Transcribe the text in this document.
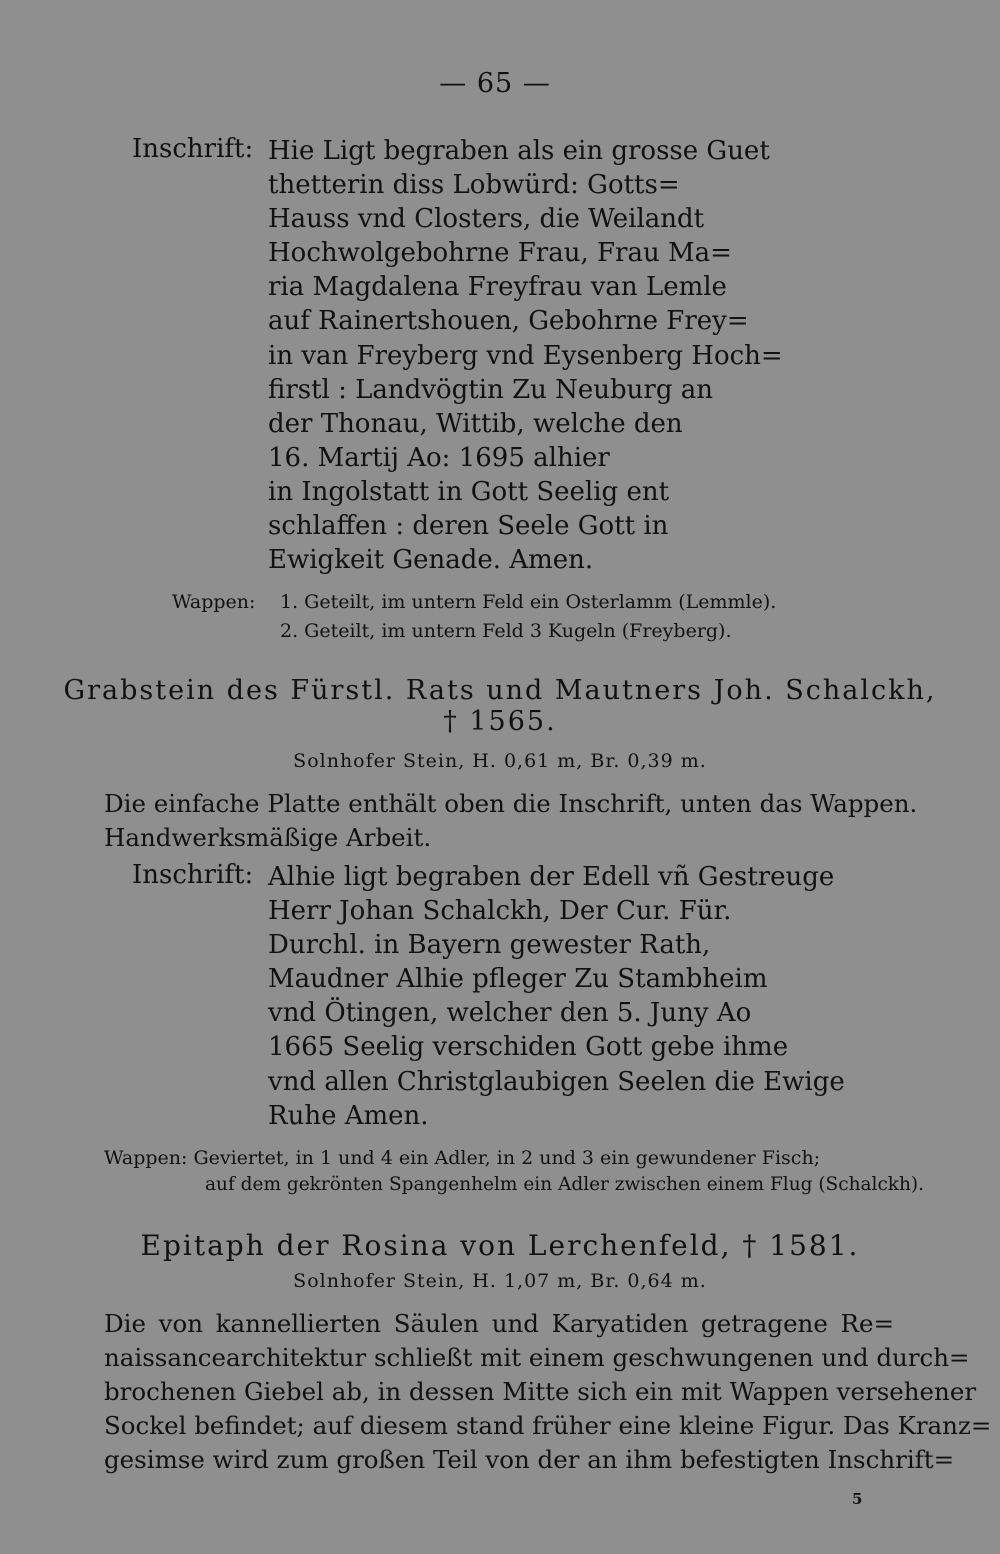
— 65 —
Inschrift: Hie Ligt begraben als ein grosse Guet
thetterin diss Lobwürd: Gotts=
Hauss vnd Closters, die Weilandt
Hochwolgebohrne Frau, Frau Ma=
ria Magdalena Freyfrau van Lemle
auf Rainertshouen, Gebohrne Frey=
in van Freyberg vnd Eysenberg Hoch=
firstl : Landvögtin Zu Neuburg an
der Thonau, Wittib, welche den
16. Martij Ao: 1695 alhier
in Ingolstatt in Gott Seelig ent
schlaffen : deren Seele Gott in
Ewigkeit Genade. Amen.
Wappen: 1. Geteilt, im untern Feld ein Osterlamm (Lemmle).
2. Geteilt, im untern Feld 3 Kugeln (Freyberg).
Grabstein des Fürstl. Rats und Mautners Joh. Schalckh,
† 1565.
Solnhofer Stein, H. 0,61 m, Br. 0,39 m.
Die einfache Platte enthält oben die Inschrift, unten das Wappen.
Handwerksmäßige Arbeit.
Inschrift: Alhie ligt begraben der Edell vñ Gestreuge
Herr Johan Schalckh, Der Cur. Für.
Durchl. in Bayern gewester Rath,
Maudner Alhie pfleger Zu Stambheim
vnd Ötingen, welcher den 5. Juny Ao
1665 Seelig verschiden Gott gebe ihme
vnd allen Christglaubigen Seelen die Ewige
Ruhe Amen.
Wappen: Geviertet, in 1 und 4 ein Adler, in 2 und 3 ein gewundener Fisch;
auf dem gekrönten Spangenhelm ein Adler zwischen einem Flug (Schalckh).
Epitaph der Rosina von Lerchenfeld, † 1581.
Solnhofer Stein, H. 1,07 m, Br. 0,64 m.
Die von kannellierten Säulen und Karyatiden getragene Re=
naissancearchitektur schließt mit einem geschwungenen und durch=
brochenen Giebel ab, in dessen Mitte sich ein mit Wappen versehener
Sockel befindet; auf diesem stand früher eine kleine Figur. Das Kranz=
gesimse wird zum großen Teil von der an ihm befestigten Inschrift=
5
